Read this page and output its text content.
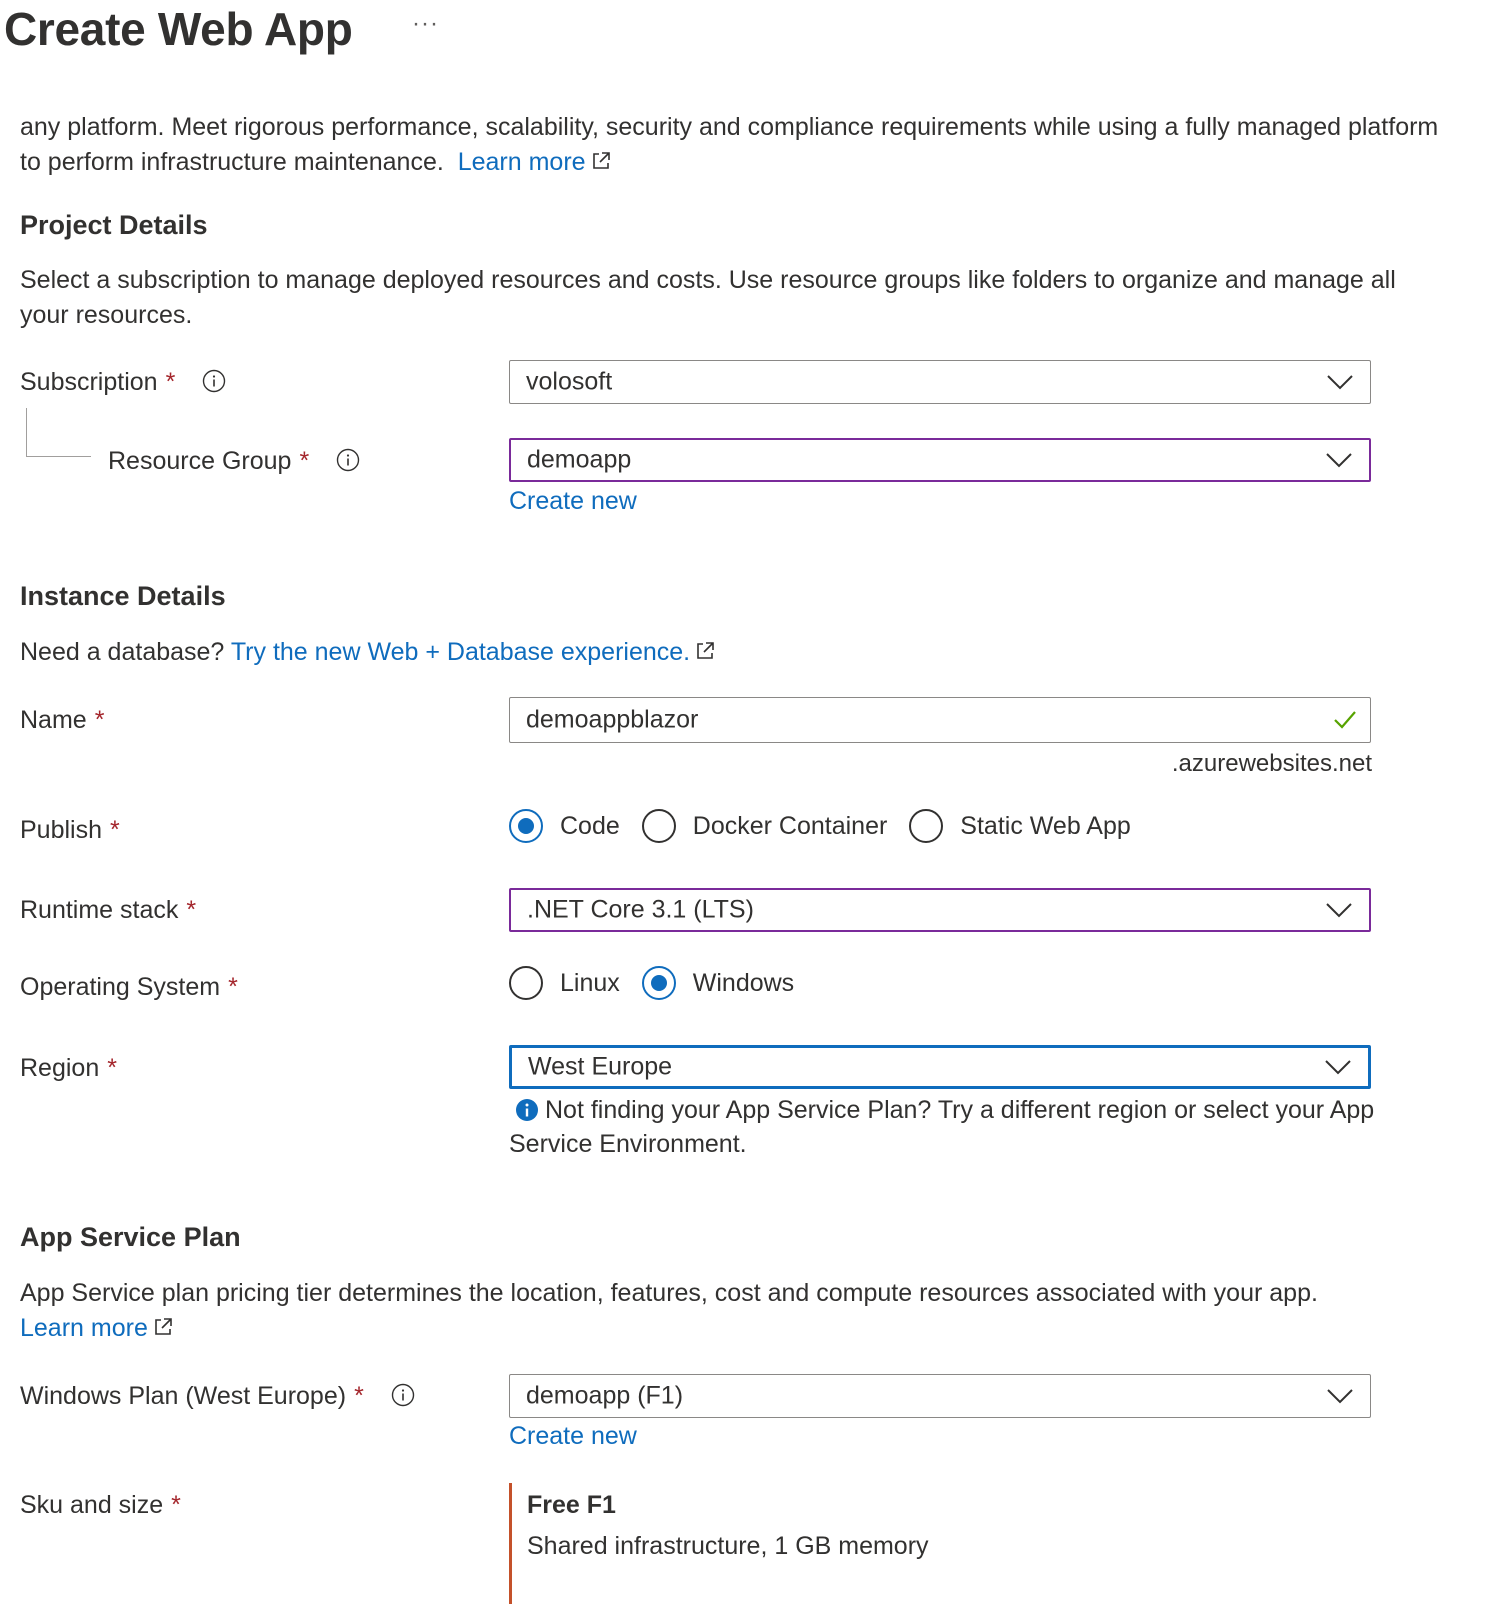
Create Web App ···
any platform. Meet rigorous performance, scalability, security and compliance requirements while using a fully managed platform to perform infrastructure maintenance. Learn more
Project Details
Select a subscription to manage deployed resources and costs. Use resource groups like folders to organize and manage all your resources.
Subscription *	volosoft
Resource Group *	demoapp
Create new
Instance Details
Need a database? Try the new Web + Database experience.
Name *	demoappblazor
.azurewebsites.net
Publish *	Code	Docker Container	Static Web App
Runtime stack *	.NET Core 3.1 (LTS)
Operating System *	Linux	Windows
Region *	West Europe
Not finding your App Service Plan? Try a different region or select your App Service Environment.
App Service Plan
App Service plan pricing tier determines the location, features, cost and compute resources associated with your app.
Learn more
Windows Plan (West Europe) *	demoapp (F1)
Create new
Sku and size *	Free F1
Shared infrastructure, 1 GB memory
